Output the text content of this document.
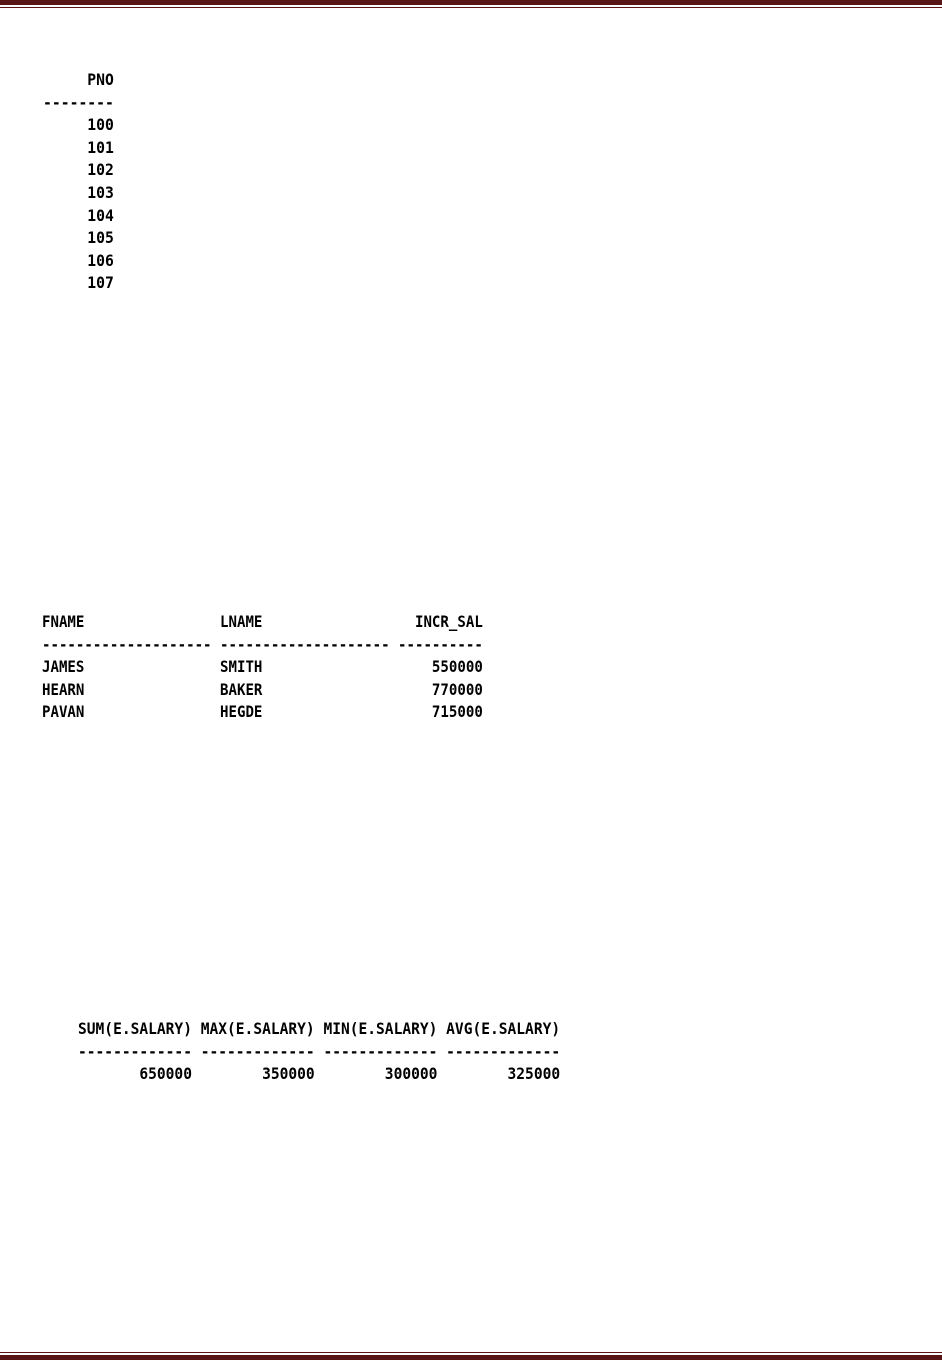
PNO
--------
100
101
102
103
104
105
106
107
FNAME                LNAME                  INCR_SAL
-------------------- -------------------- ----------
JAMES                SMITH                    550000
HEARN                BAKER                    770000
PAVAN                HEGDE                    715000
SUM(E.SALARY) MAX(E.SALARY) MIN(E.SALARY) AVG(E.SALARY)
------------- ------------- ------------- -------------
650000        350000        300000        325000
